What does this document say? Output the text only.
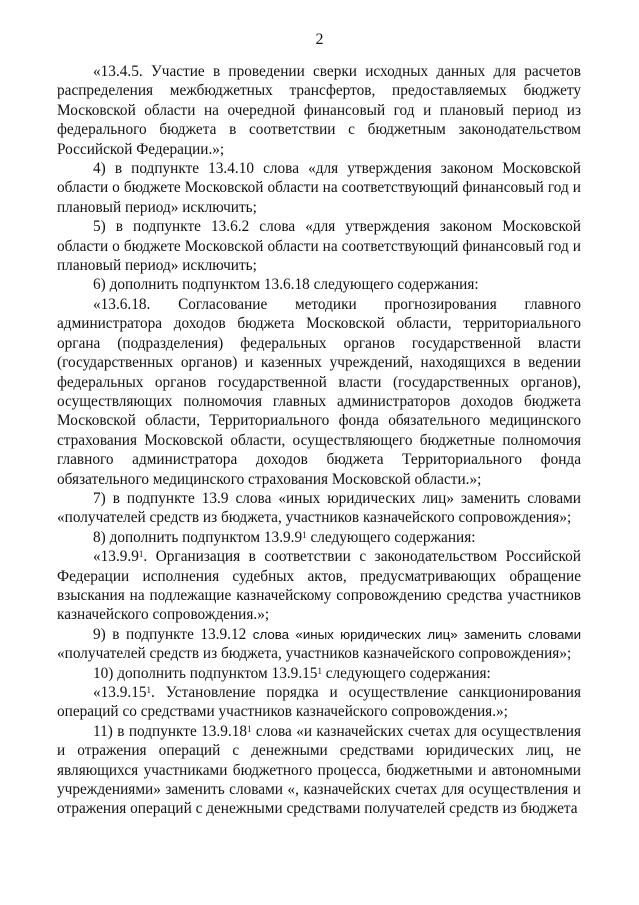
2

«13.4.5. Участие в проведении сверки исходных данных для расчетов распределения межбюджетных трансфертов, предоставляемых бюджету Московской области на очередной финансовый год и плановый период из федерального бюджета в соответствии с бюджетным законодательством Российской Федерации.»;

4) в подпункте 13.4.10 слова «для утверждения законом Московской области о бюджете Московской области на соответствующий финансовый год и плановый период» исключить;

5) в подпункте 13.6.2 слова «для утверждения законом Московской области о бюджете Московской области на соответствующий финансовый год и плановый период» исключить;

6) дополнить подпунктом 13.6.18 следующего содержания:

«13.6.18. Согласование методики прогнозирования главного администратора доходов бюджета Московской области, территориального органа (подразделения) федеральных органов государственной власти (государственных органов) и казенных учреждений, находящихся в ведении федеральных органов государственной власти (государственных органов), осуществляющих полномочия главных администраторов доходов бюджета Московской области, Территориального фонда обязательного медицинского страхования Московской области, осуществляющего бюджетные полномочия главного администратора доходов бюджета Территориального фонда обязательного медицинского страхования Московской области.»;

7) в подпункте 13.9 слова «иных юридических лиц» заменить словами «получателей средств из бюджета, участников казначейского сопровождения»;

8) дополнить подпунктом 13.9.9$^1$ следующего содержания:

«13.9.9$^1$. Организация в соответствии с законодательством Российской Федерации исполнения судебных актов, предусматривающих обращение взыскания на подлежащие казначейскому сопровождению средства участников казначейского сопровождения.»;

9) в подпункте 13.9.12 слова «иных юридических лиц» заменить словами «получателей средств из бюджета, участников казначейского сопровождения»;

10) дополнить подпунктом 13.9.15$^1$ следующего содержания:

«13.9.15$^1$. Установление порядка и осуществление санкционирования операций со средствами участников казначейского сопровождения.»;

11) в подпункте 13.9.18$^1$ слова «и казначейских счетах для осуществления и отражения операций с денежными средствами юридических лиц, не являющихся участниками бюджетного процесса, бюджетными и автономными учреждениями» заменить словами «, казначейских счетах для осуществления и отражения операций с денежными средствами получателей средств из бюджета
